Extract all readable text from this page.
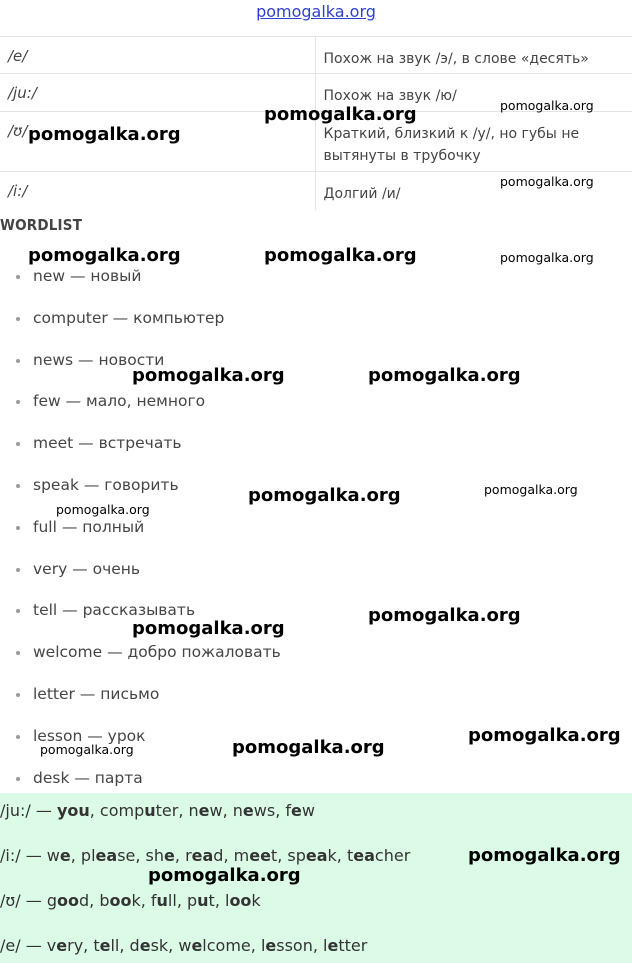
pomogalka.org
/e/	Похож на звук /э/, в слове «десять»
/ju:/	Похож на звук /ю/
/ʊ/	Краткий, близкий к /у/, но губы не вытянуты в трубочку
/i:/	Долгий /и/
WORDLIST
new — новый
computer — компьютер
news — новости
few — мало, немного
meet — встречать
speak — говорить
full — полный
very — очень
tell — рассказывать
welcome — добро пожаловать
letter — письмо
lesson — урок
desk — парта
/ju:/ — you, computer, new, news, few
/i:/ — we, please, she, read, meet, speak, teacher
/ʊ/ — good, book, full, put, look
/e/ — very, tell, desk, welcome, lesson, letter
pomogalka.org	pomogalka.org
pomogalka.org
pomogalka.org
pomogalka.org	pomogalka.org	pomogalka.org
pomogalka.org	pomogalka.org
pomogalka.org	pomogalka.org
pomogalka.org
pomogalka.org
pomogalka.org
pomogalka.org
pomogalka.org
pomogalka.org
pomogalka.org
pomogalka.org
